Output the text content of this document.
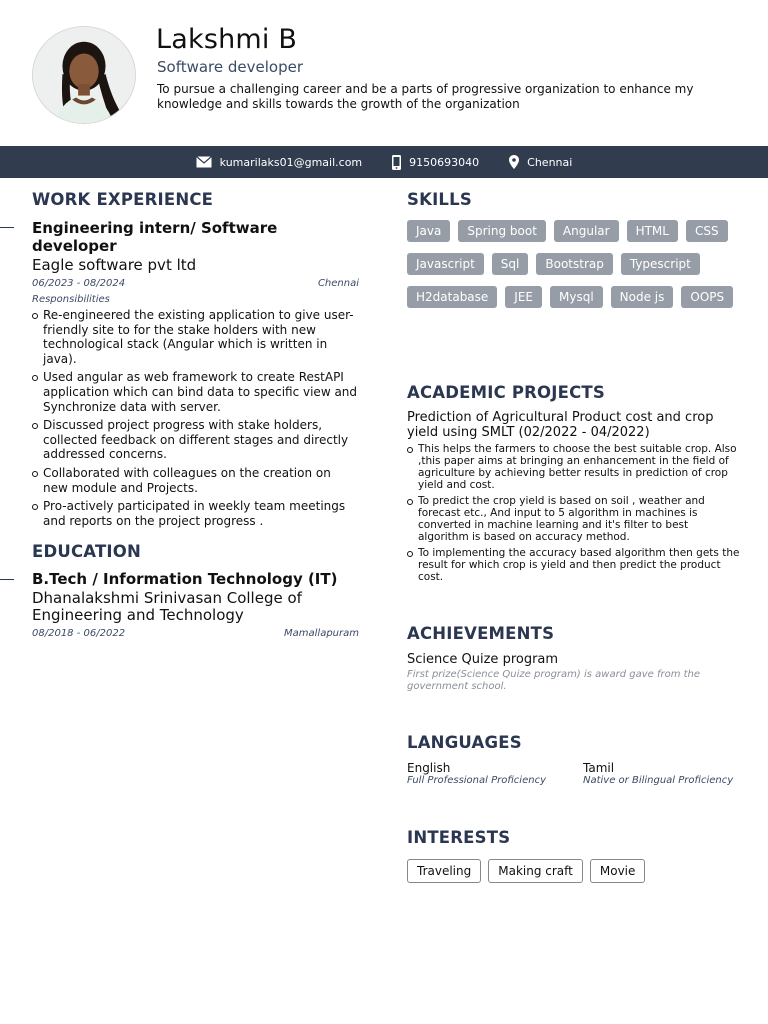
Lakshmi B
Software developer
To pursue a challenging career and be a parts of progressive organization to enhance my knowledge and skills towards the growth of the organization
kumarilaks01@gmail.com	9150693040	Chennai
WORK EXPERIENCE
Engineering intern/ Software developer
Eagle software pvt ltd
06/2023 - 08/2024	Chennai
Responsibilities
Re-engineered the existing application to give user-friendly site to for the stake holders with new technological stack (Angular which is written in java).
Used angular as web framework to create RestAPI application which can bind data to specific view and Synchronize data with server.
Discussed project progress with stake holders, collected feedback on different stages and directly addressed concerns.
Collaborated with colleagues on the creation on new module and Projects.
Pro-actively participated in weekly team meetings and reports on the project progress .
EDUCATION
B.Tech / Information Technology (IT)
Dhanalakshmi Srinivasan College of
Engineering and Technology
08/2018 - 06/2022	Mamallapuram
SKILLS
Java	Spring boot	Angular	HTML	CSS
Javascript	Sql	Bootstrap	Typescript
H2database	JEE	Mysql	Node js	OOPS
ACADEMIC PROJECTS
Prediction of Agricultural Product cost and crop
yield using SMLT (02/2022 - 04/2022)
This helps the farmers to choose the best suitable crop. Also ,this paper aims at bringing an enhancement in the field of agriculture by achieving better results in prediction of crop yield and cost.
To predict the crop yield is based on soil , weather and forecast etc., And input to 5 algorithm in machines is converted in machine learning and it's filter to best algorithm is based on accuracy method.
To implementing the accuracy based algorithm then gets the result for which crop is yield and then predict the product cost.
ACHIEVEMENTS
Science Quize program
First prize(Science Quize program) is award gave from the government school.
LANGUAGES
English
Full Professional Proficiency
Tamil
Native or Bilingual Proficiency
INTERESTS
Traveling	Making craft	Movie
